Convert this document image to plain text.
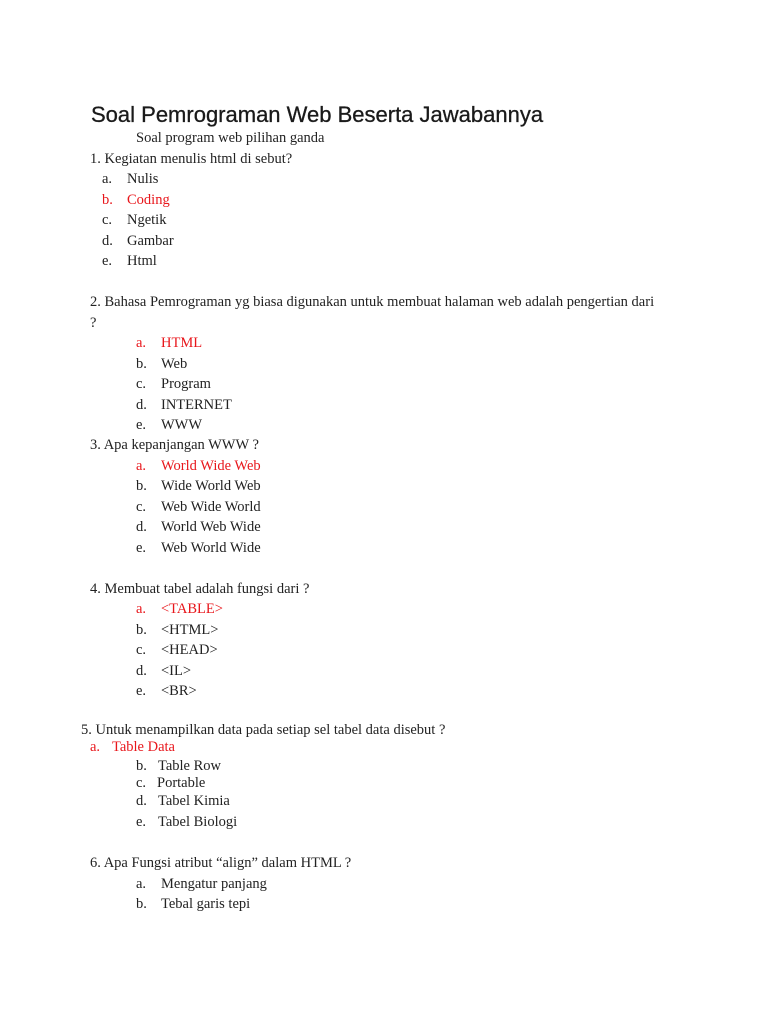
Soal Pemrograman Web Beserta Jawabannya
Soal program web pilihan ganda
1. Kegiatan menulis html di sebut?
a. Nulis
b. Coding
c. Ngetik
d. Gambar
e. Html
2. Bahasa Pemrograman yg biasa digunakan untuk membuat halaman web adalah pengertian dari
?
a. HTML
b. Web
c. Program
d. INTERNET
e. WWW
3. Apa kepanjangan WWW ?
a. World Wide Web
b. Wide World Web
c. Web Wide World
d. World Web Wide
e. Web World Wide
4. Membuat tabel adalah fungsi dari ?
a. <TABLE>
b. <HTML>
c. <HEAD>
d. <IL>
e. <BR>
5. Untuk menampilkan data pada setiap sel tabel data disebut ?
a. Table Data
b. Table Row
c. Portable
d. Tabel Kimia
e. Tabel Biologi
6. Apa Fungsi atribut “align” dalam HTML ?
a. Mengatur panjang
b. Tebal garis tepi
